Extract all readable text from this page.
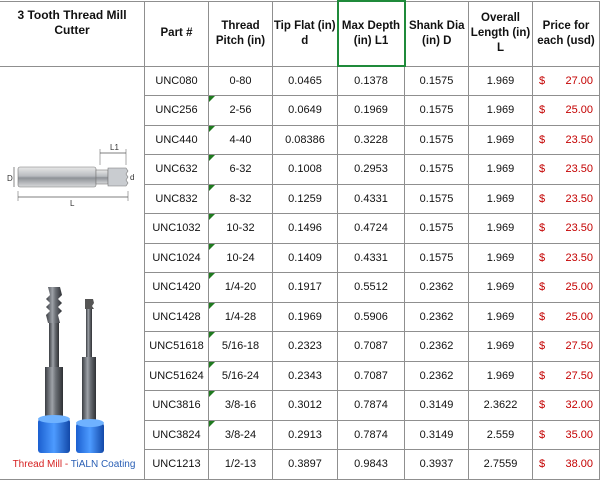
3 Tooth Thread Mill Cutter	Part #	Thread Pitch (in)	Tip Flat (in) d	Max Depth (in) L1	Shank Dia (in) D	Overall Length (in) L	Price for each (usd)

D
L1
d
L
Thread Mill - TiALN Coating	UNC080	0-80	0.0465	0.1378	0.1575	1.969	$ 27.00

	UNC256	2-56	0.0649	0.1969	0.1575	1.969	$ 25.00

	UNC440	4-40	0.08386	0.3228	0.1575	1.969	$ 23.50

	UNC632	6-32	0.1008	0.2953	0.1575	1.969	$ 23.50

	UNC832	8-32	0.1259	0.4331	0.1575	1.969	$ 23.50

	UNC1032	10-32	0.1496	0.4724	0.1575	1.969	$ 23.50

	UNC1024	10-24	0.1409	0.4331	0.1575	1.969	$ 23.50

	UNC1420	1/4-20	0.1917	0.5512	0.2362	1.969	$ 25.00

	UNC1428	1/4-28	0.1969	0.5906	0.2362	1.969	$ 25.00

	UNC51618	5/16-18	0.2323	0.7087	0.2362	1.969	$ 27.50

	UNC51624	5/16-24	0.2343	0.7087	0.2362	1.969	$ 27.50

	UNC3816	3/8-16	0.3012	0.7874	0.3149	2.3622	$ 32.00

	UNC3824	3/8-24	0.2913	0.7874	0.3149	2.559	$ 35.00

	UNC1213	1/2-13	0.3897	0.9843	0.3937	2.7559	$ 38.00
